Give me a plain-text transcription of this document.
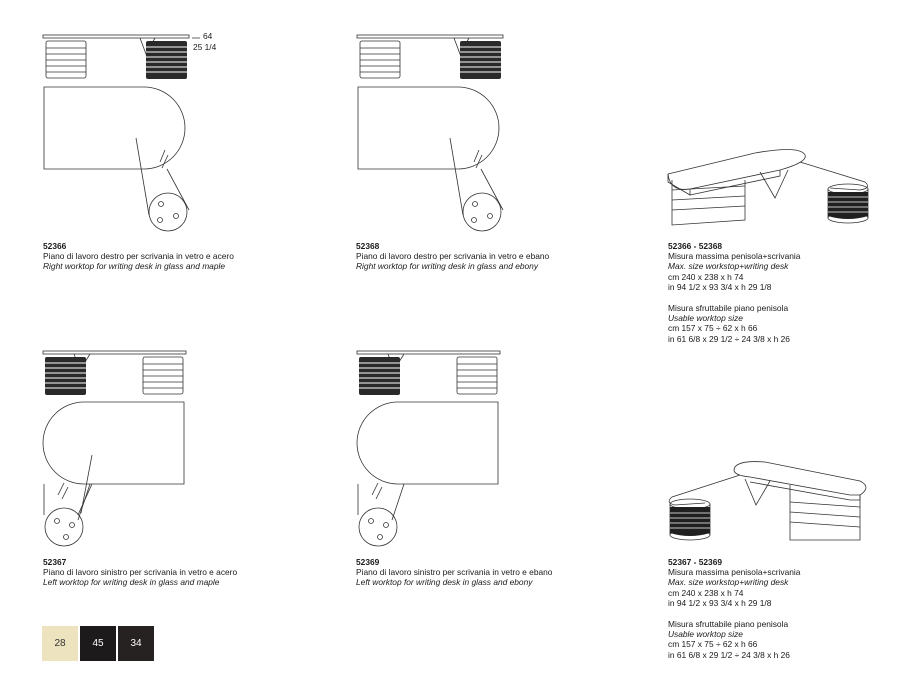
64
25 1/4
52366
Piano di lavoro destro per scrivania in vetro e acero
Right worktop for writing desk in glass and maple
52368
Piano di lavoro destro per scrivania in vetro e ebano
Right worktop for writing desk in glass and ebony
52367
Piano di lavoro sinistro per scrivania in vetro e acero
Left worktop for writing desk in glass and maple
52369
Piano di lavoro sinistro per scrivania in vetro e ebano
Left worktop for writing desk in glass and ebony
52366 - 52368
Misura massima penisola+scrivania
Max. size workstop+writing desk
cm 240 x 238 x h 74
in 94 1/2 x 93 3/4 x h 29 1/8
Misura sfruttabile piano penisola
Usable worktop size
cm 157 x 75 ÷ 62 x h 66
in 61 6/8 x 29 1/2 ÷ 24 3/8 x h 26
52367 - 52369
Misura massima penisola+scrivania
Max. size workstop+writing desk
cm 240 x 238 x h 74
in 94 1/2 x 93 3/4 x h 29 1/8
Misura sfruttabile piano penisola
Usable worktop size
cm 157 x 75 ÷ 62 x h 66
in 61 6/8 x 29 1/2 ÷ 24 3/8 x h 26
28	45	34
